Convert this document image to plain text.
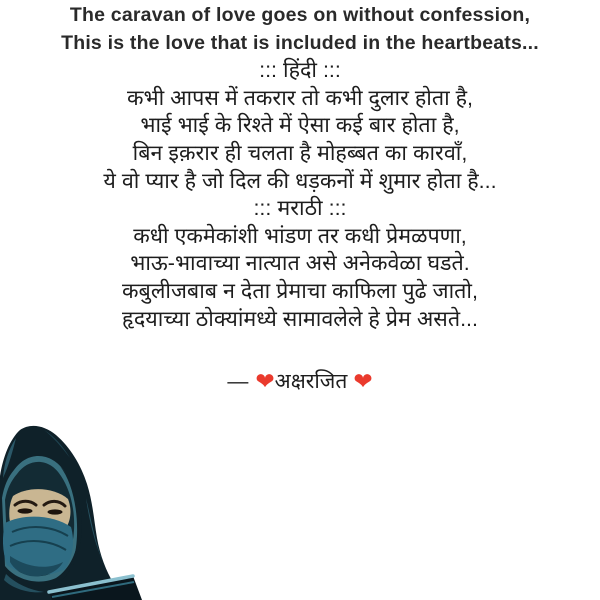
The caravan of love goes on without confession,
This is the love that is included in the heartbeats...
::: हिंदी :::
कभी आपस में तकरार तो कभी दुलार होता है,
भाई भाई के रिश्ते में ऐसा कई बार होता है,
बिन इक़रार ही चलता है मोहब्बत का कारवाँ,
ये वो प्यार है जो दिल की धड़कनों में शुमार होता है...
::: मराठी :::
कधी एकमेकांशी भांडण तर कधी प्रेमळपणा,
भाऊ-भावाच्या नात्यात असे अनेकवेळा घडते.
कबुलीजबाब न देता प्रेमाचा काफिला पुढे जातो,
हृदयाच्या ठोक्यांमध्ये सामावलेले हे प्रेम असते...
— ❤अक्षरजित ❤
